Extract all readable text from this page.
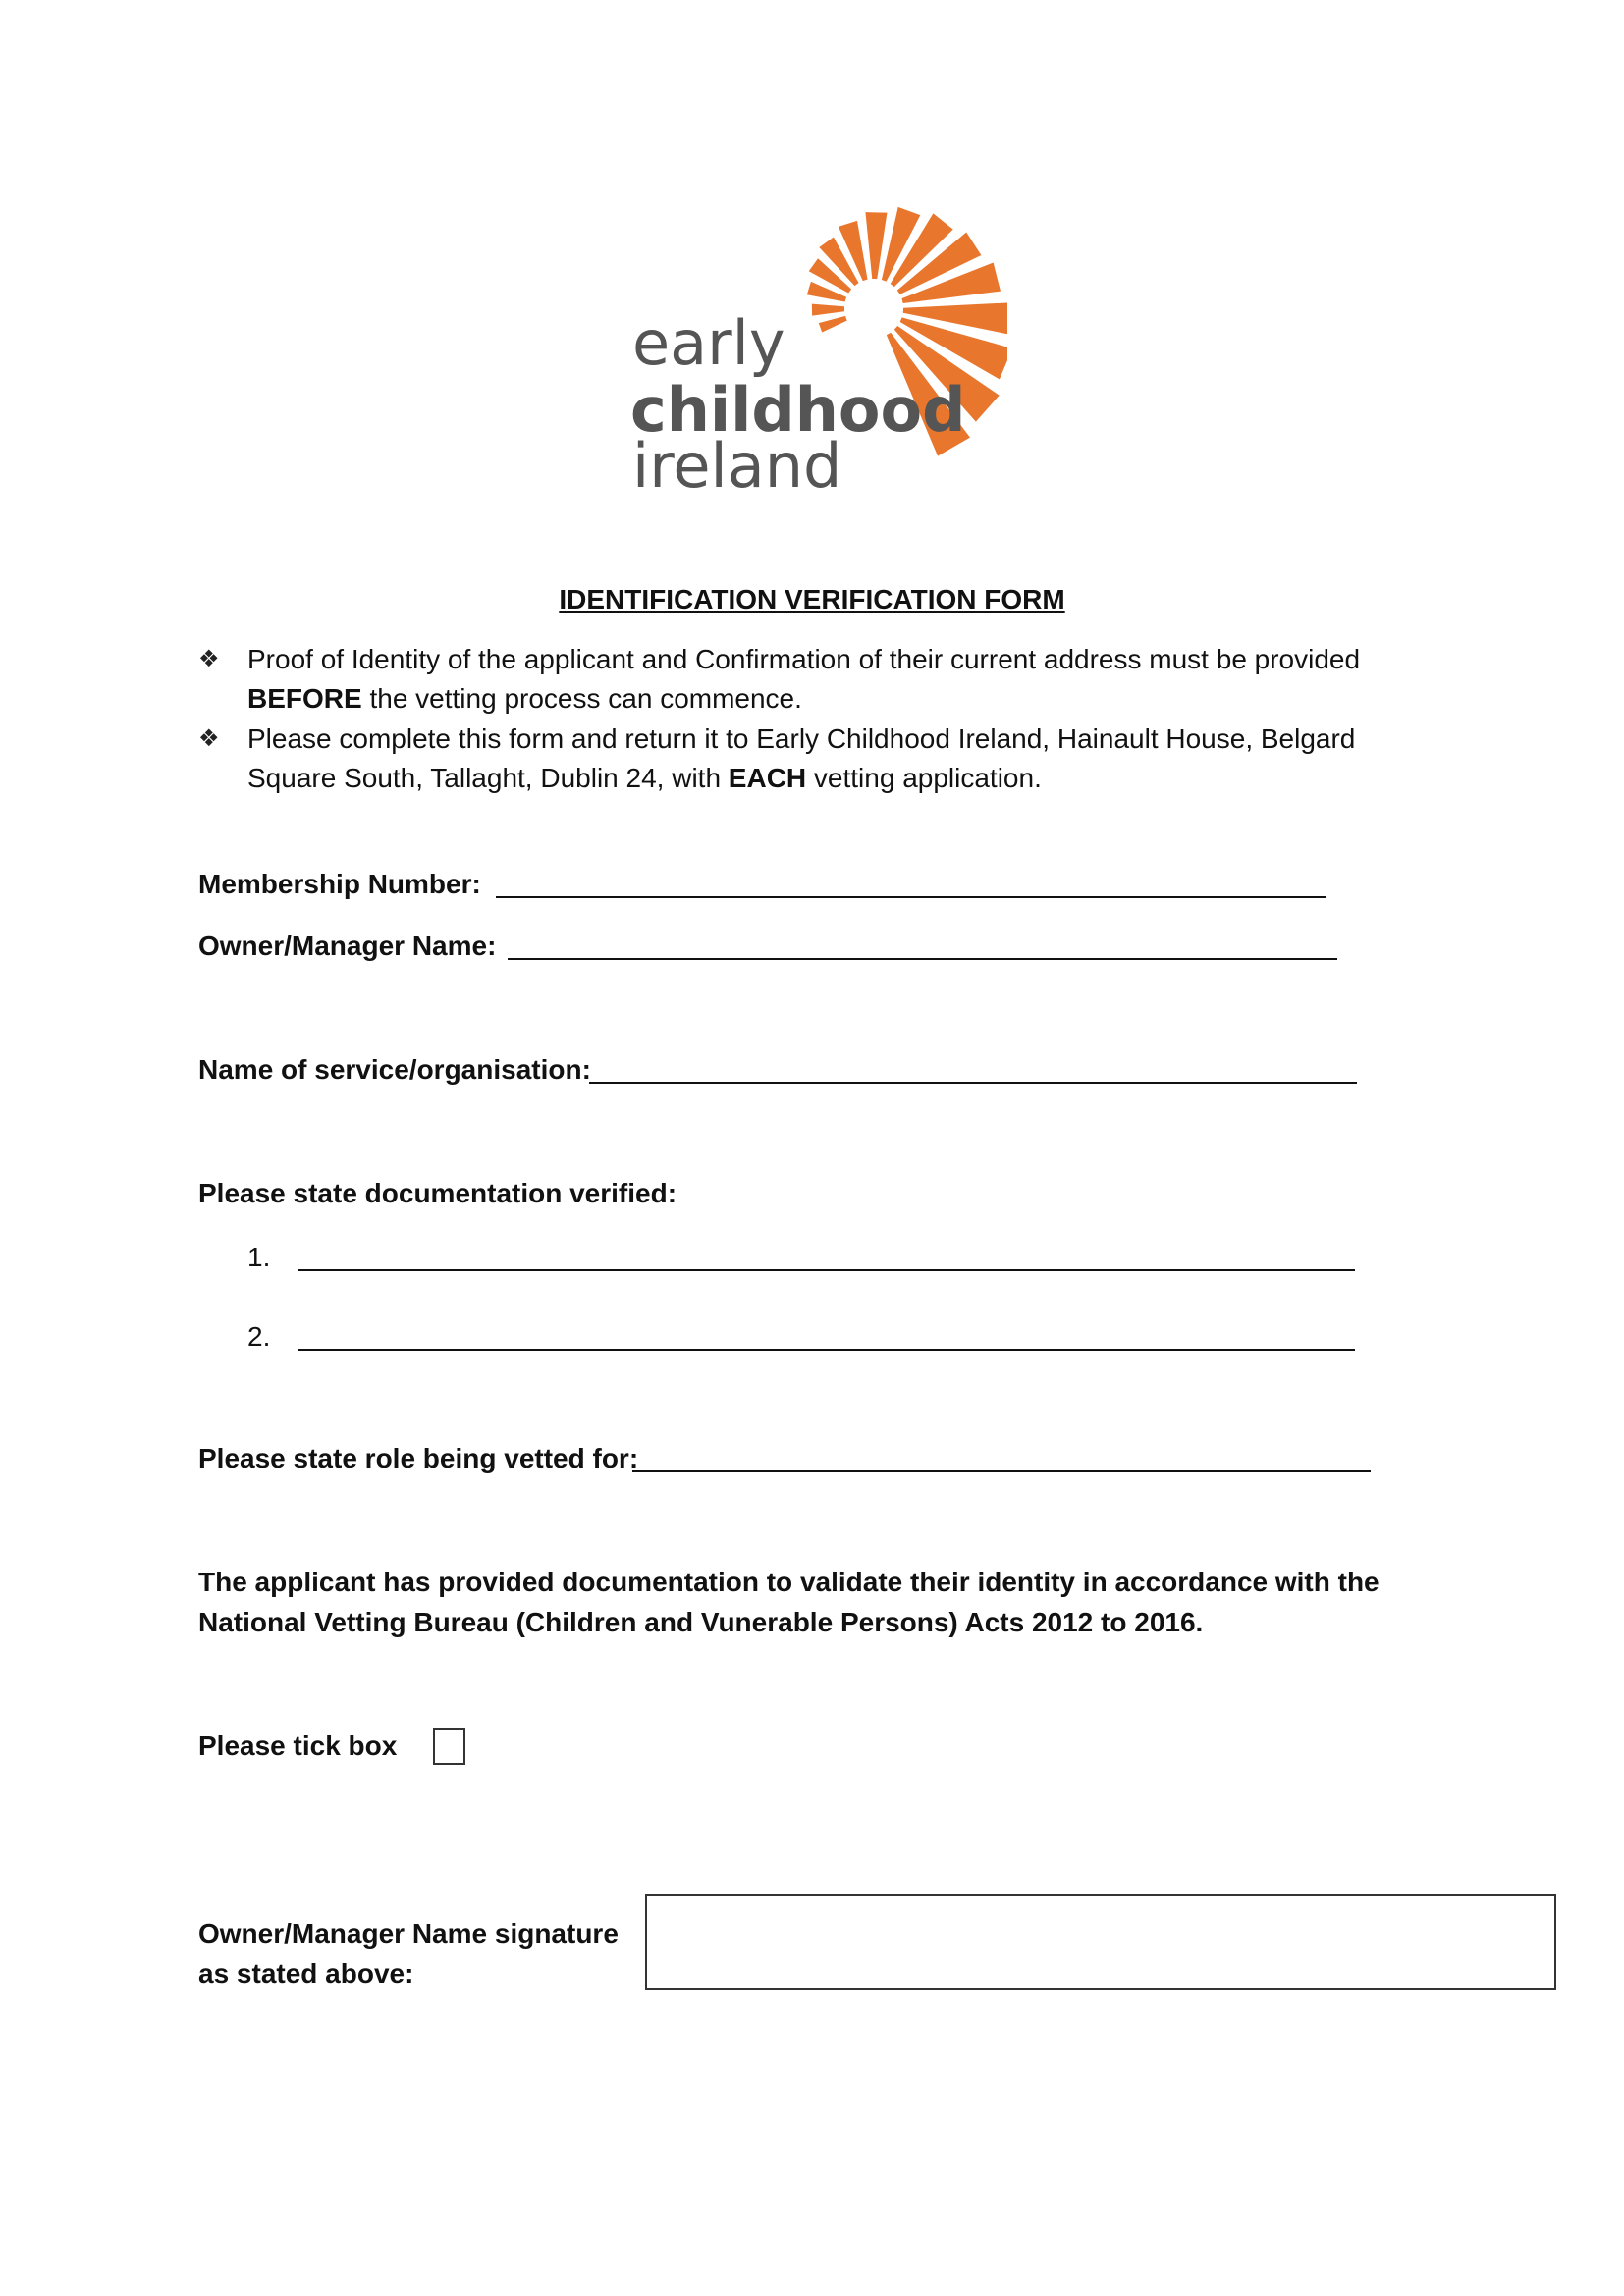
early
childhood
ireland
IDENTIFICATION VERIFICATION FORM
❖ Proof of Identity of the applicant and Confirmation of their current address must be provided
BEFORE the vetting process can commence.
❖ Please complete this form and return it to Early Childhood Ireland, Hainault House, Belgard
Square South, Tallaght, Dublin 24, with EACH vetting application.
Membership Number:
Owner/Manager Name:
Name of service/organisation:
Please state documentation verified:
1.
2.
Please state role being vetted for:
The applicant has provided documentation to validate their identity in accordance with the
National Vetting Bureau (Children and Vunerable Persons) Acts 2012 to 2016.
Please tick box
Owner/Manager Name signature
as stated above:
